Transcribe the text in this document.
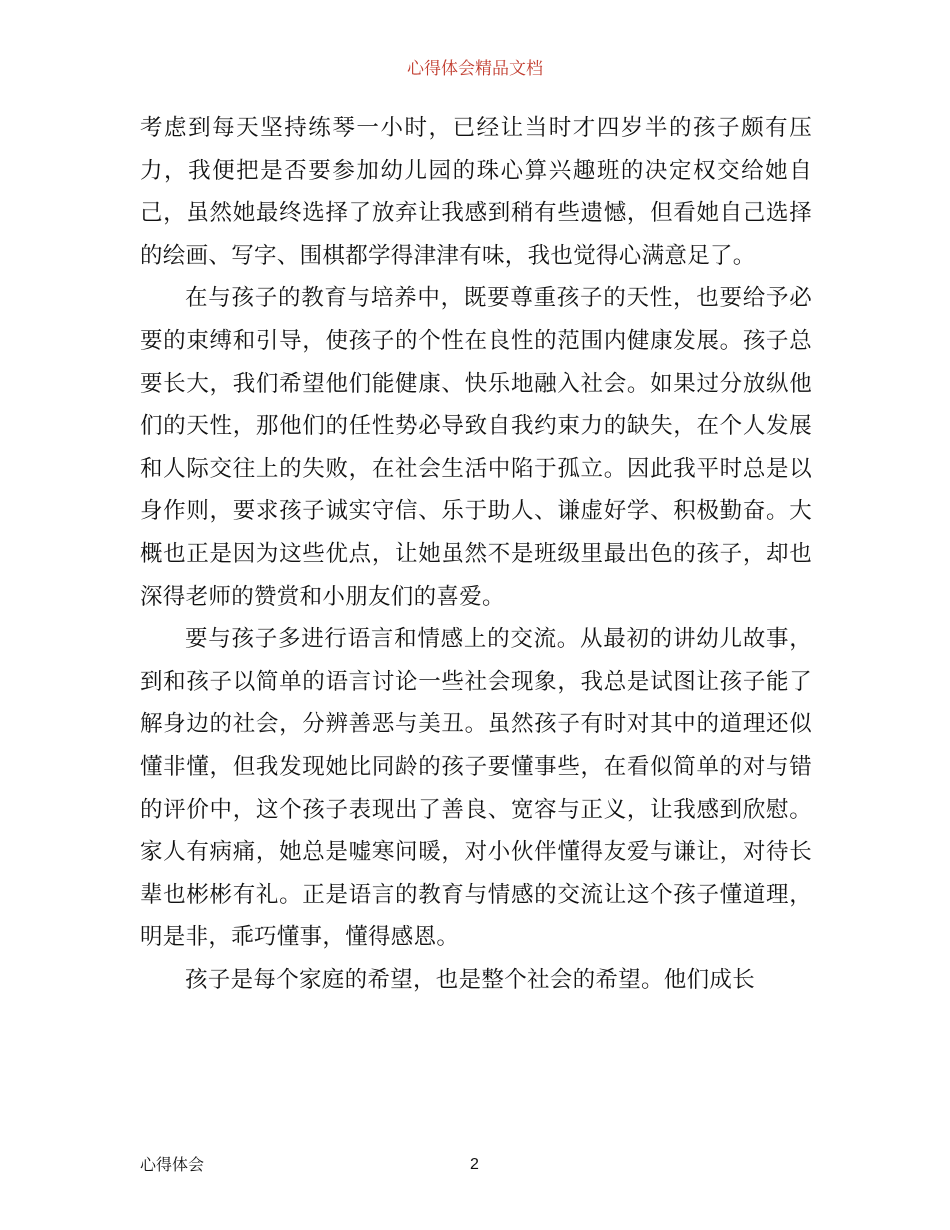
心得体会精品文档

考虑到每天坚持练琴一小时，已经让当时才四岁半的孩子颇有压力，我便把是否要参加幼儿园的珠心算兴趣班的决定权交给她自己，虽然她最终选择了放弃让我感到稍有些遗憾，但看她自己选择的绘画、写字、围棋都学得津津有味，我也觉得心满意足了。

在与孩子的教育与培养中，既要尊重孩子的天性，也要给予必要的束缚和引导，使孩子的个性在良性的范围内健康发展。孩子总要长大，我们希望他们能健康、快乐地融入社会。如果过分放纵他们的天性，那他们的任性势必导致自我约束力的缺失，在个人发展和人际交往上的失败，在社会生活中陷于孤立。因此我平时总是以身作则，要求孩子诚实守信、乐于助人、谦虚好学、积极勤奋。大概也正是因为这些优点，让她虽然不是班级里最出色的孩子，却也深得老师的赞赏和小朋友们的喜爱。

要与孩子多进行语言和情感上的交流。从最初的讲幼儿故事，到和孩子以简单的语言讨论一些社会现象，我总是试图让孩子能了解身边的社会，分辨善恶与美丑。虽然孩子有时对其中的道理还似懂非懂，但我发现她比同龄的孩子要懂事些，在看似简单的对与错的评价中，这个孩子表现出了善良、宽容与正义，让我感到欣慰。家人有病痛，她总是嘘寒问暖，对小伙伴懂得友爱与谦让，对待长辈也彬彬有礼。正是语言的教育与情感的交流让这个孩子懂道理，明是非，乖巧懂事，懂得感恩。

孩子是每个家庭的希望，也是整个社会的希望。他们成长

心得体会	2
